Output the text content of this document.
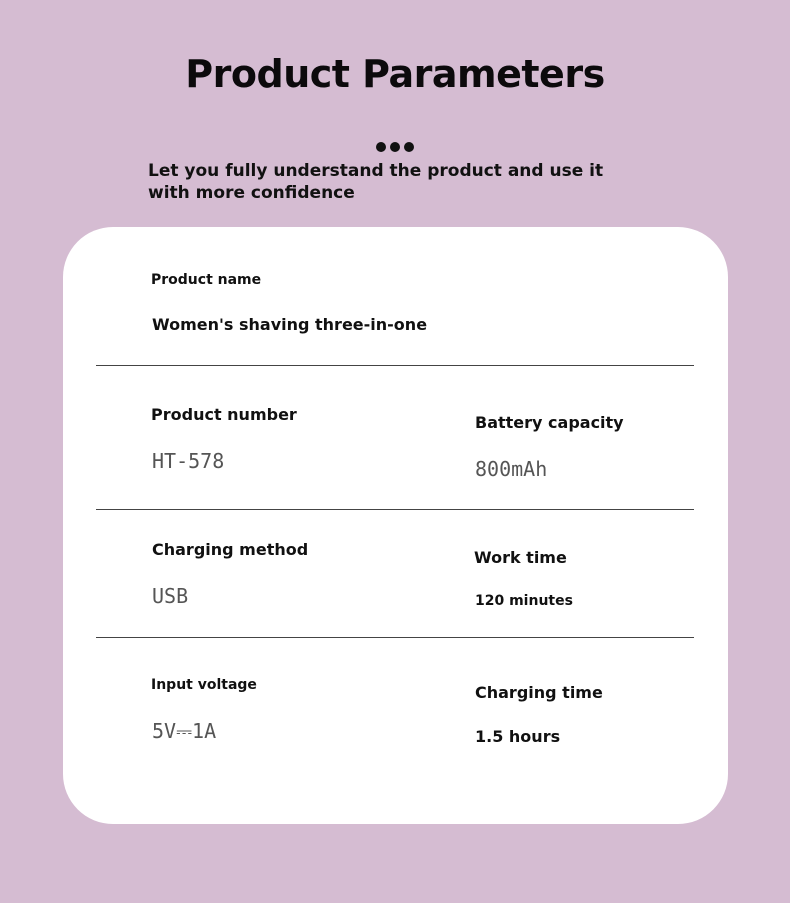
Product Parameters
Let you fully understand the product and use it with more confidence
Product name
Women's shaving three-in-one
Product number
HT-578
Battery capacity
800mAh
Charging method
USB
Work time
120 minutes
Input voltage
5V⎓1A
Charging time
1.5 hours
